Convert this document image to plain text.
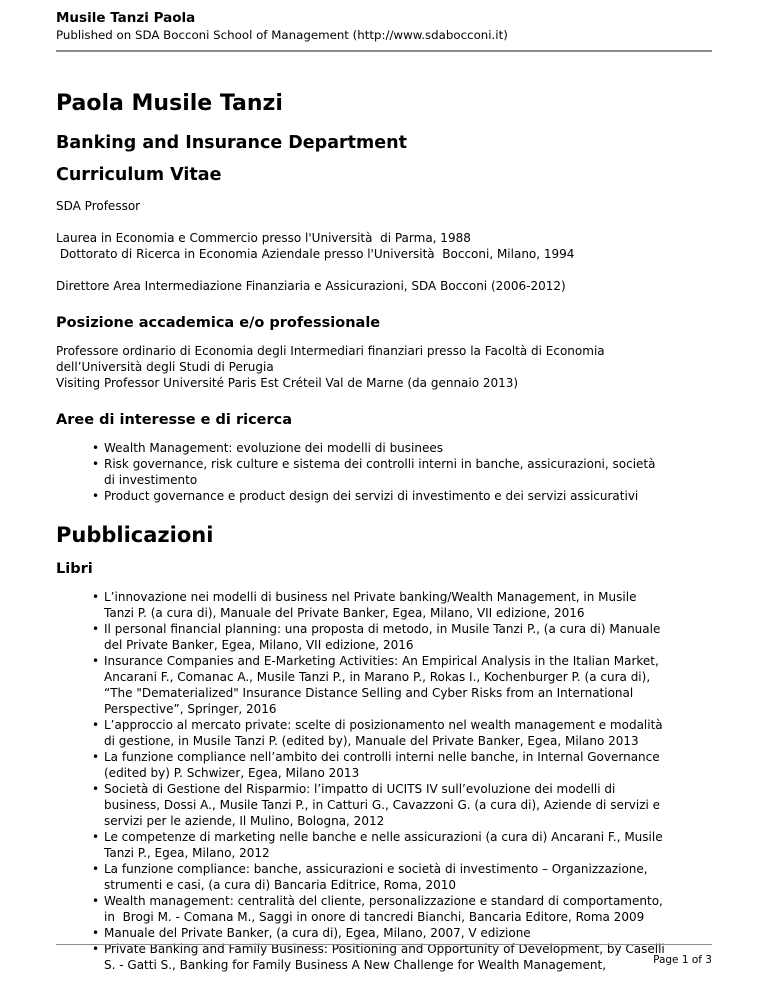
Musile Tanzi Paola
Published on SDA Bocconi School of Management (http://www.sdabocconi.it)
Paola Musile Tanzi
Banking and Insurance Department
Curriculum Vitae

SDA Professor

Laurea in Economia e Commercio presso l'Università  di Parma, 1988

Dottorato di Ricerca in Economia Aziendale presso l'Università  Bocconi, Milano, 1994

Direttore Area Intermediazione Finanziaria e Assicurazioni, SDA Bocconi (2006-2012)

Posizione accademica e/o professionale

Professore ordinario di Economia degli Intermediari finanziari presso la Facoltà di Economia

dell’Università degli Studi di Perugia

Visiting Professor Université Paris Est Créteil Val de Marne (da gennaio 2013)

Aree di interesse e di ricerca
• Wealth Management: evoluzione dei modelli di businees
• Risk governance, risk culture e sistema dei controlli interni in banche, assicurazioni, società
di investimento
• Product governance e product design dei servizi di investimento e dei servizi assicurativi
Pubblicazioni
Libri
• L’innovazione nei modelli di business nel Private banking/Wealth Management, in Musile
Tanzi P. (a cura di), Manuale del Private Banker, Egea, Milano, VII edizione, 2016
• Il personal financial planning: una proposta di metodo, in Musile Tanzi P., (a cura di) Manuale
del Private Banker, Egea, Milano, VII edizione, 2016
• Insurance Companies and E-Marketing Activities: An Empirical Analysis in the Italian Market,
Ancarani F., Comanac A., Musile Tanzi P., in Marano P., Rokas I., Kochenburger P. (a cura di),
“The "Dematerialized" Insurance Distance Selling and Cyber Risks from an International
Perspective”, Springer, 2016
• L’approccio al mercato private: scelte di posizionamento nel wealth management e modalità
di gestione, in Musile Tanzi P. (edited by), Manuale del Private Banker, Egea, Milano 2013
• La funzione compliance nell’ambito dei controlli interni nelle banche, in Internal Governance
(edited by) P. Schwizer, Egea, Milano 2013
• Società di Gestione del Risparmio: l’impatto di UCITS IV sull’evoluzione dei modelli di
business, Dossi A., Musile Tanzi P., in Catturi G., Cavazzoni G. (a cura di), Aziende di servizi e
servizi per le aziende, Il Mulino, Bologna, 2012
• Le competenze di marketing nelle banche e nelle assicurazioni (a cura di) Ancarani F., Musile
Tanzi P., Egea, Milano, 2012
• La funzione compliance: banche, assicurazioni e società di investimento – Organizzazione,
strumenti e casi, (a cura di) Bancaria Editrice, Roma, 2010
• Wealth management: centralità del cliente, personalizzazione e standard di comportamento,
in  Brogi M. - Comana M., Saggi in onore di tancredi Bianchi, Bancaria Editore, Roma 2009
• Manuale del Private Banker, (a cura di), Egea, Milano, 2007, V edizione
• Private Banking and Family Business: Positioning and Opportunity of Development, by Caselli
S. - Gatti S., Banking for Family Business A New Challenge for Wealth Management,	Page 1 of 3
